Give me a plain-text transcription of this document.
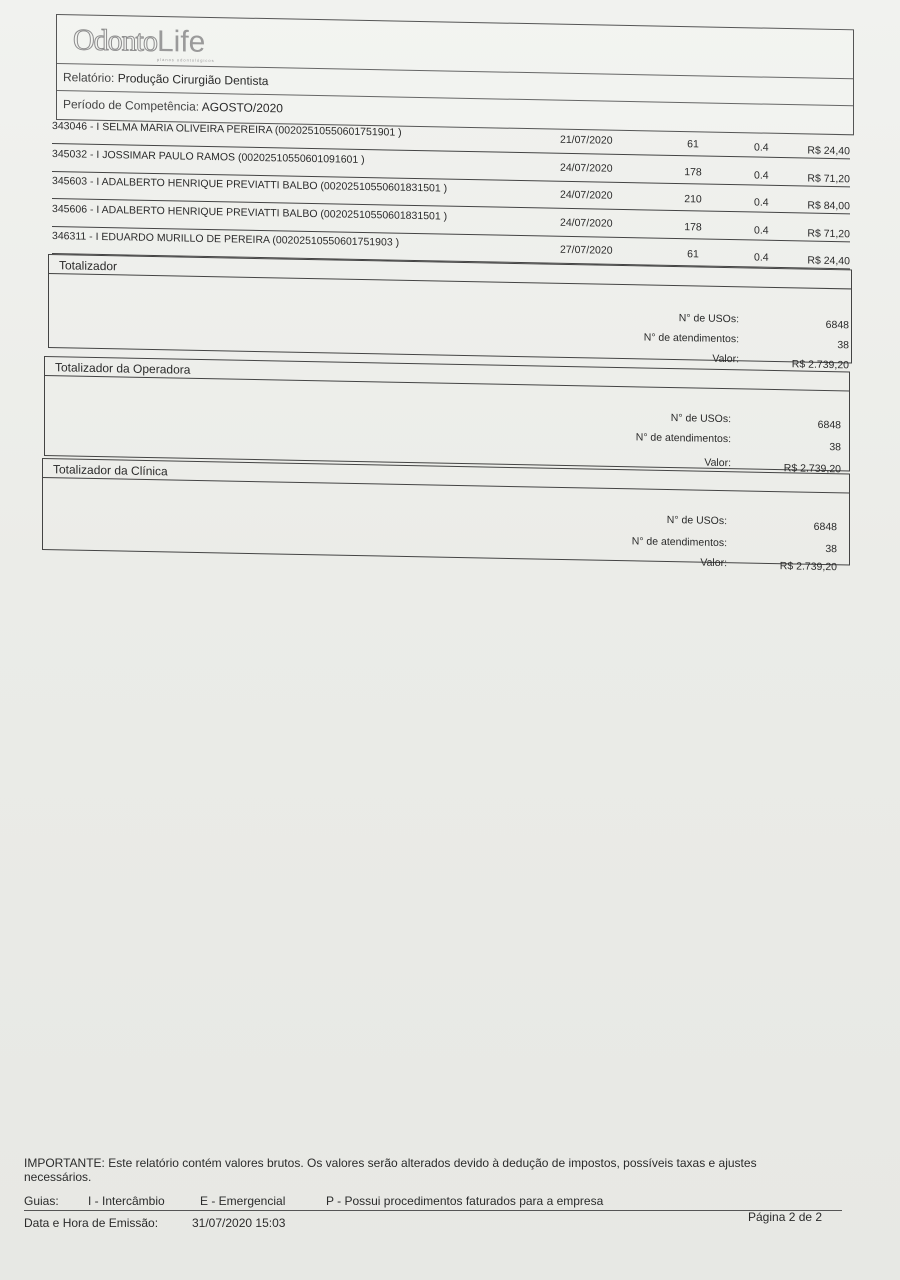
OdontoLife
planos odontológicos
Relatório: Produção Cirurgião Dentista
Período de Competência: AGOSTO/2020
343046 - I SELMA MARIA OLIVEIRA PEREIRA (00202510550601751901 )
21/07/2020	61	0.4	R$ 24,40
345032 - I JOSSIMAR PAULO RAMOS (00202510550601091601 )
24/07/2020	178	0.4	R$ 71,20
345603 - I ADALBERTO HENRIQUE PREVIATTI BALBO (00202510550601831501 )
24/07/2020	210	0.4	R$ 84,00
345606 - I ADALBERTO HENRIQUE PREVIATTI BALBO (00202510550601831501 )
24/07/2020	178	0.4	R$ 71,20
346311 - I EDUARDO MURILLO DE PEREIRA (00202510550601751903 )
27/07/2020	61	0.4	R$ 24,40
Totalizador
N° de USOs:	6848
N° de atendimentos:	38
Valor:	R$ 2.739,20
Totalizador da Operadora
N° de USOs:	6848
N° de atendimentos:
38
Valor:	R$ 2.739,20
Totalizador da Clínica
N° de USOs:	6848
N° de atendimentos:	38
Valor:	R$ 2.739,20
IMPORTANTE: Este relatório contém valores brutos. Os valores serão alterados devido à dedução de impostos, possíveis taxas e ajustes necessários.
Guias: I - Intercâmbio	E - Emergencial	P - Possui procedimentos faturados para a empresa
Data e Hora de Emissão:	31/07/2020 15:03	Página 2 de 2
